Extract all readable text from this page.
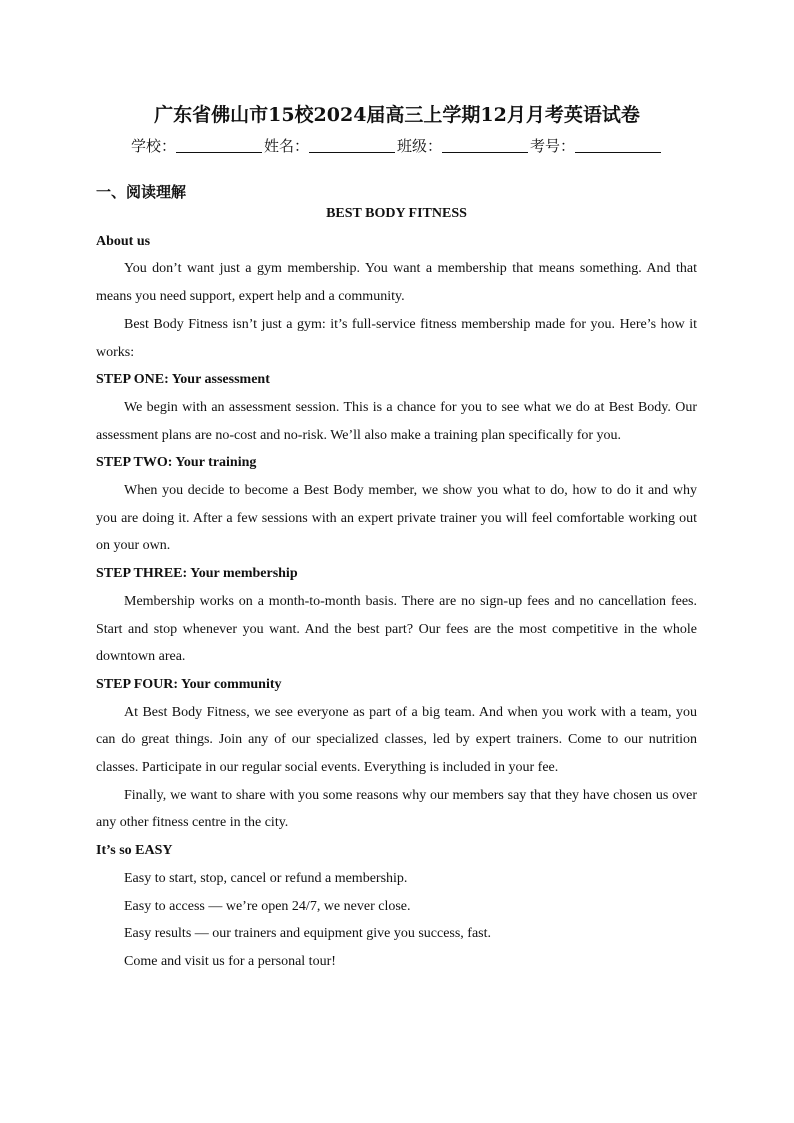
广东省佛山市15校2024届高三上学期12月月考英语试卷
学校：	姓名：	班级：	考号：
一、阅读理解
BEST BODY FITNESS
About us
You don’t want just a gym membership. You want a membership that means something. And that means you need support, expert help and a community.
Best Body Fitness isn’t just a gym: it’s full-service fitness membership made for you. Here’s how it works:
STEP ONE: Your assessment
We begin with an assessment session. This is a chance for you to see what we do at Best Body. Our assessment plans are no-cost and no-risk. We’ll also make a training plan specifically for you.
STEP TWO: Your training
When you decide to become a Best Body member, we show you what to do, how to do it and why you are doing it. After a few sessions with an expert private trainer you will feel comfortable working out on your own.
STEP THREE: Your membership
Membership works on a month-to-month basis. There are no sign-up fees and no cancellation fees. Start and stop whenever you want. And the best part? Our fees are the most competitive in the whole downtown area.
STEP FOUR: Your community
At Best Body Fitness, we see everyone as part of a big team. And when you work with a team, you can do great things. Join any of our specialized classes, led by expert trainers. Come to our nutrition classes. Participate in our regular social events. Everything is included in your fee.
Finally, we want to share with you some reasons why our members say that they have chosen us over any other fitness centre in the city.
It’s so EASY
Easy to start, stop, cancel or refund a membership.
Easy to access — we’re open 24/7, we never close.
Easy results — our trainers and equipment give you success, fast.
Come and visit us for a personal tour!
